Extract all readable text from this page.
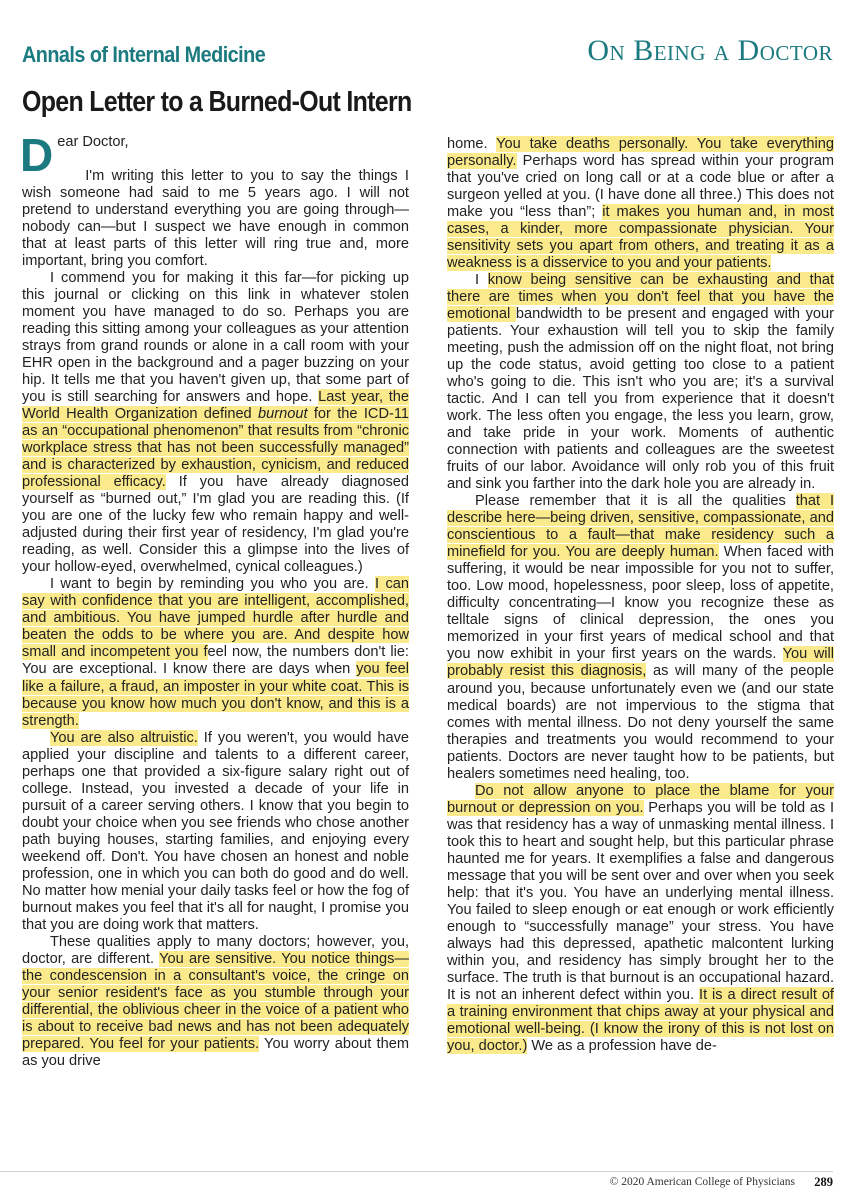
Annals of Internal Medicine	On Being a Doctor
Open Letter to a Burned-Out Intern

Dear Doctor,

I'm writing this letter to you to say the things I wish someone had said to me 5 years ago. I will not pretend to understand everything you are going through—nobody can—but I suspect we have enough in common that at least parts of this letter will ring true and, more important, bring you comfort.

I commend you for making it this far—for picking up this journal or clicking on this link in whatever stolen moment you have managed to do so. Perhaps you are reading this sitting among your colleagues as your attention strays from grand rounds or alone in a call room with your EHR open in the background and a pager buzzing on your hip. It tells me that you haven't given up, that some part of you is still searching for answers and hope. Last year, the World Health Organization defined burnout for the ICD-11 as an “occupational phenomenon” that results from “chronic workplace stress that has not been successfully managed” and is characterized by exhaustion, cynicism, and reduced professional efficacy. If you have already diagnosed yourself as “burned out,” I'm glad you are reading this. (If you are one of the lucky few who remain happy and well-adjusted during their first year of residency, I'm glad you're reading, as well. Consider this a glimpse into the lives of your hollow-eyed, overwhelmed, cynical colleagues.)

I want to begin by reminding you who you are. I can say with confidence that you are intelligent, accomplished, and ambitious. You have jumped hurdle after hurdle and beaten the odds to be where you are. And despite how small and incompetent you feel now, the numbers don't lie: You are exceptional. I know there are days when you feel like a failure, a fraud, an imposter in your white coat. This is because you know how much you don't know, and this is a strength.

You are also altruistic. If you weren't, you would have applied your discipline and talents to a different career, perhaps one that provided a six-figure salary right out of college. Instead, you invested a decade of your life in pursuit of a career serving others. I know that you begin to doubt your choice when you see friends who chose another path buying houses, starting families, and enjoying every weekend off. Don't. You have chosen an honest and noble profession, one in which you can both do good and do well. No matter how menial your daily tasks feel or how the fog of burnout makes you feel that it's all for naught, I promise you that you are doing work that matters.

These qualities apply to many doctors; however, you, doctor, are different. You are sensitive. You notice things—the condescension in a consultant's voice, the cringe on your senior resident's face as you stumble through your differential, the oblivious cheer in the voice of a patient who is about to receive bad news and has not been adequately prepared. You feel for your patients. You worry about them as you drive

home. You take deaths personally. You take everything personally. Perhaps word has spread within your program that you've cried on long call or at a code blue or after a surgeon yelled at you. (I have done all three.) This does not make you “less than”; it makes you human and, in most cases, a kinder, more compassionate physician. Your sensitivity sets you apart from others, and treating it as a weakness is a disservice to you and your patients.

I know being sensitive can be exhausting and that there are times when you don't feel that you have the emotional bandwidth to be present and engaged with your patients. Your exhaustion will tell you to skip the family meeting, push the admission off on the night float, not bring up the code status, avoid getting too close to a patient who's going to die. This isn't who you are; it's a survival tactic. And I can tell you from experience that it doesn't work. The less often you engage, the less you learn, grow, and take pride in your work. Moments of authentic connection with patients and colleagues are the sweetest fruits of our labor. Avoidance will only rob you of this fruit and sink you farther into the dark hole you are already in.

Please remember that it is all the qualities that I describe here—being driven, sensitive, compassionate, and conscientious to a fault—that make residency such a minefield for you. You are deeply human. When faced with suffering, it would be near impossible for you not to suffer, too. Low mood, hopelessness, poor sleep, loss of appetite, difficulty concentrating—I know you recognize these as telltale signs of clinical depression, the ones you memorized in your first years of medical school and that you now exhibit in your first years on the wards. You will probably resist this diagnosis, as will many of the people around you, because unfortunately even we (and our state medical boards) are not impervious to the stigma that comes with mental illness. Do not deny yourself the same therapies and treatments you would recommend to your patients. Doctors are never taught how to be patients, but healers sometimes need healing, too.

Do not allow anyone to place the blame for your burnout or depression on you. Perhaps you will be told as I was that residency has a way of unmasking mental illness. I took this to heart and sought help, but this particular phrase haunted me for years. It exemplifies a false and dangerous message that you will be sent over and over when you seek help: that it's you. You have an underlying mental illness. You failed to sleep enough or eat enough or work efficiently enough to “successfully manage” your stress. You have always had this depressed, apathetic malcontent lurking within you, and residency has simply brought her to the surface. The truth is that burnout is an occupational hazard. It is not an inherent defect within you. It is a direct result of a training environment that chips away at your physical and emotional well-being. (I know the irony of this is not lost on you, doctor.) We as a profession have de-

© 2020 American College of Physicians 289
